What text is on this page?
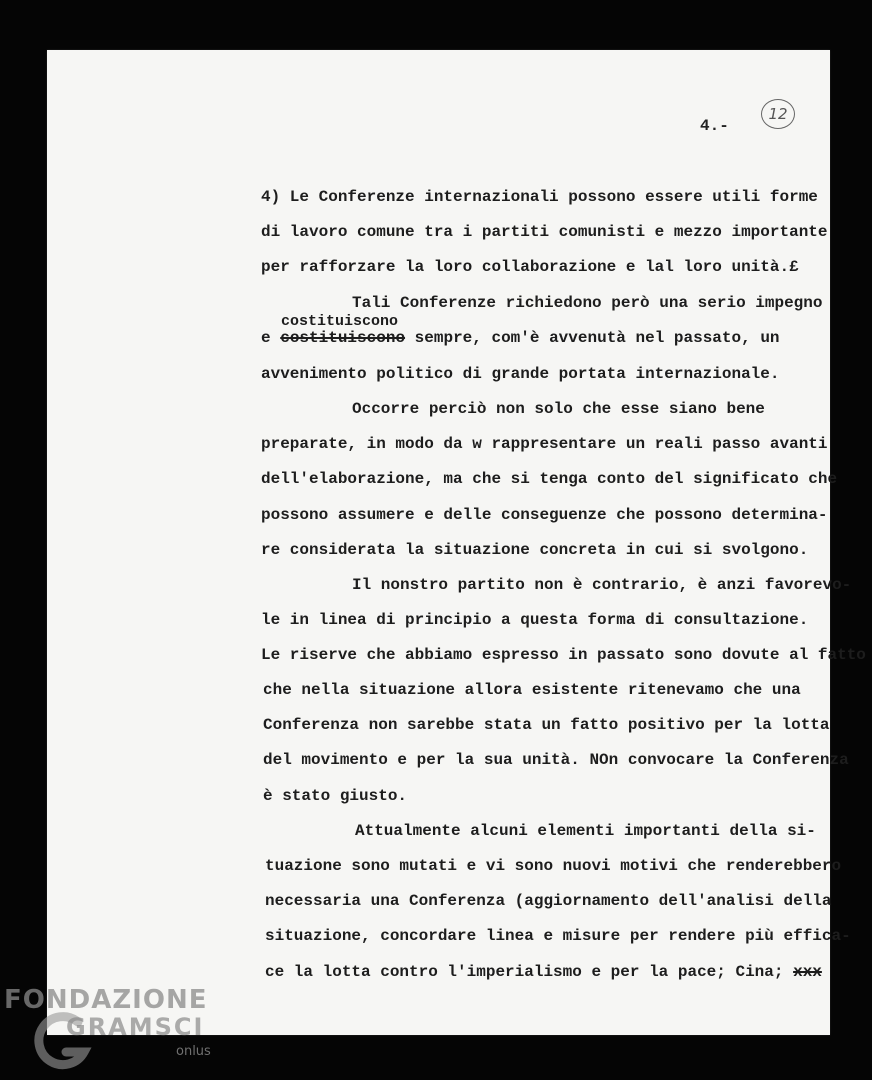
4.-
12
4) Le Conferenze internazionali possono essere utili forme
di lavoro comune tra i partiti comunisti e mezzo importante
per rafforzare la loro collaborazione e lal loro unità.£
Tali Conferenze richiedono però una serio impegno
costituiscono
e costituiscono sempre, com'è avvenutà nel passato, un
avvenimento politico di grande portata internazionale.
Occorre perciò non solo che esse siano bene
preparate, in modo da w rappresentare un reali passo avanti
dell'elaborazione, ma che si tenga conto del significato che
possono assumere e delle conseguenze che possono determina-
re considerata la situazione concreta in cui si svolgono.
Il nonstro partito non è contrario, è anzi favorevo-
le in linea di principio a questa forma di consultazione.
Le riserve che abbiamo espresso in passato sono dovute al fatto
che nella situazione allora esistente ritenevamo che una
Conferenza non sarebbe stata un fatto positivo per la lotta
del movimento e per la sua unità. NOn convocare la Conferenza
è stato giusto.
Attualmente alcuni elementi importanti della si-
tuazione sono mutati e vi sono nuovi motivi che renderebbero
necessaria una Conferenza (aggiornamento dell'analisi della
situazione, concordare linea e misure per rendere più effica-
ce la lotta contro l'imperialismo e per la pace; Cina; xxx
FONDAZIONE
GRAMSCI
onlus
